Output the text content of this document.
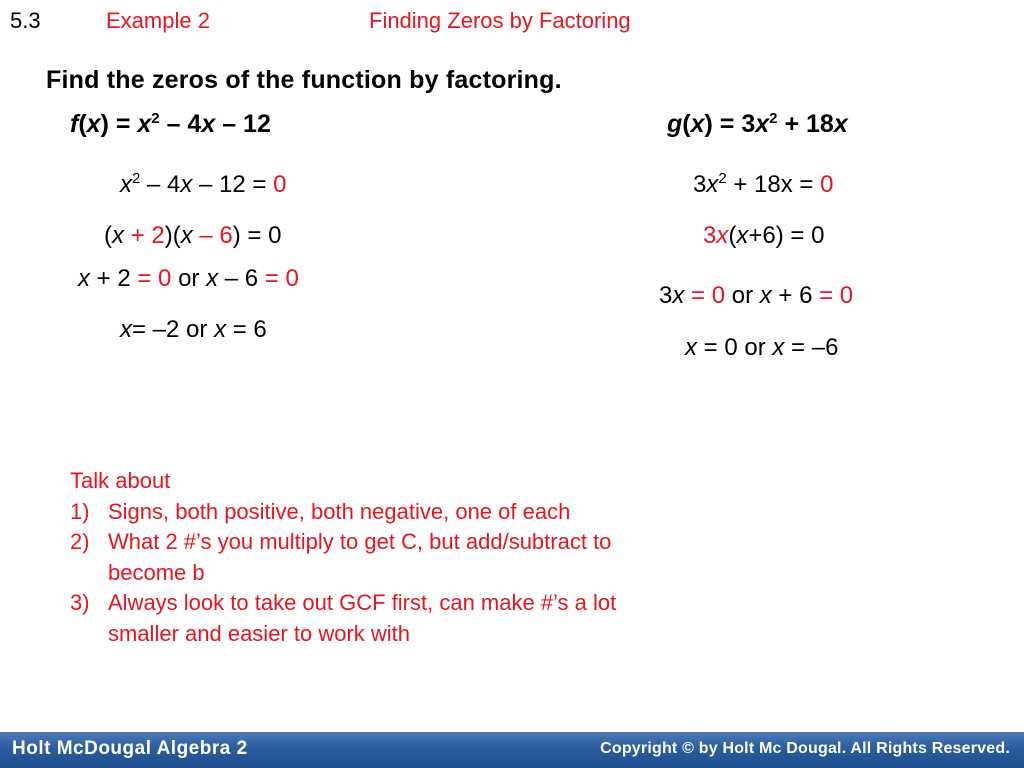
5.3	Example 2	Finding Zeros by Factoring
Find the zeros of the function by factoring.
$f(x) = x^2 - 4x - 12$	$g(x) = 3x^2 + 18x$
$x^2 - 4x - 12 = 0$
(x + 2)(x – 6) = 0
x + 2 = 0 or x – 6 = 0
x= –2 or x = 6
$3x^2 + 18x = 0$
3x(x+6) = 0
3x = 0 or x + 6 = 0
x = 0 or x = –6
Talk about
1) Signs, both positive, both negative, one of each
2) What 2 #’s you multiply to get C, but add/subtract to become b
3) Always look to take out GCF first, can make #’s a lot smaller and easier to work with
Holt McDougal Algebra 2	Copyright © by Holt Mc Dougal. All Rights Reserved.
